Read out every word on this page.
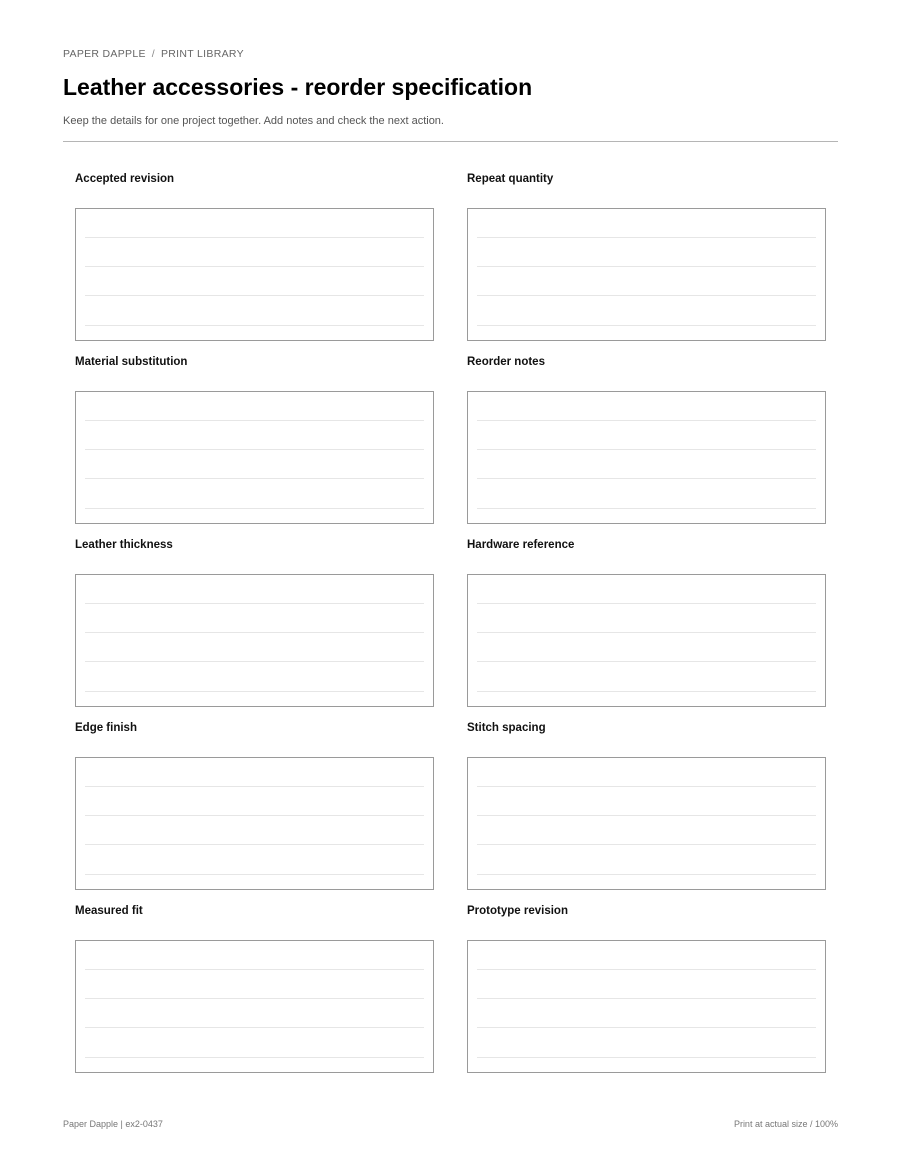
PAPER DAPPLE / PRINT LIBRARY
Leather accessories - reorder specification
Keep the details for one project together. Add notes and check the next action.
Accepted revision	Repeat quantity
Material substitution	Reorder notes
Leather thickness	Hardware reference
Edge finish	Stitch spacing
Measured fit	Prototype revision
Paper Dapple | ex2-0437	Print at actual size / 100%
